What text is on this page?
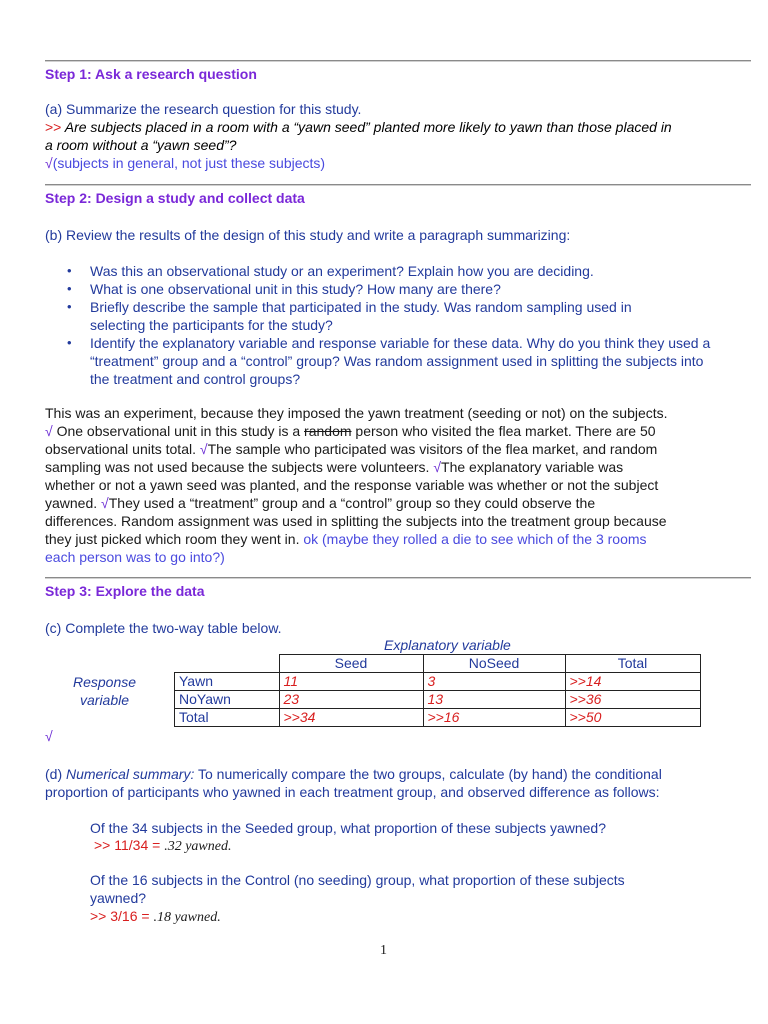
Step 1: Ask a research question
(a) Summarize the research question for this study.
>> Are subjects placed in a room with a “yawn seed” planted more likely to yawn than those placed in
a room without a “yawn seed”?
√(subjects in general, not just these subjects)
Step 2: Design a study and collect data
(b) Review the results of the design of this study and write a paragraph summarizing:
• Was this an observational study or an experiment? Explain how you are deciding.
• What is one observational unit in this study? How many are there?
• Briefly describe the sample that participated in the study. Was random sampling used in selecting the participants for the study?
• Identify the explanatory variable and response variable for these data. Why do you think they used a “treatment” group and a “control” group? Was random assignment used in splitting the subjects into the treatment and control groups?
This was an experiment, because they imposed the yawn treatment (seeding or not) on the subjects.
√ One observational unit in this study is a random person who visited the flea market. There are 50
observational units total. √The sample who participated was visitors of the flea market, and random
sampling was not used because the subjects were volunteers. √The explanatory variable was
whether or not a yawn seed was planted, and the response variable was whether or not the subject
yawned. √They used a “treatment” group and a “control” group so they could observe the
differences. Random assignment was used in splitting the subjects into the treatment group because
they just picked which room they went in. ok (maybe they rolled a die to see which of the 3 rooms
each person was to go into?)
Step 3: Explore the data
(c) Complete the two-way table below.
Explanatory variable
Response
variable
	Seed	NoSeed	Total
Yawn	11	3	>>14
NoYawn	23	13	>>36
Total	>>34	>>16	>>50
√
(d) Numerical summary: To numerically compare the two groups, calculate (by hand) the conditional
proportion of participants who yawned in each treatment group, and observed difference as follows:
Of the 34 subjects in the Seeded group, what proportion of these subjects yawned?
>> 11/34 = .32 yawned.
Of the 16 subjects in the Control (no seeding) group, what proportion of these subjects
yawned?
>> 3/16 = .18 yawned.
1
